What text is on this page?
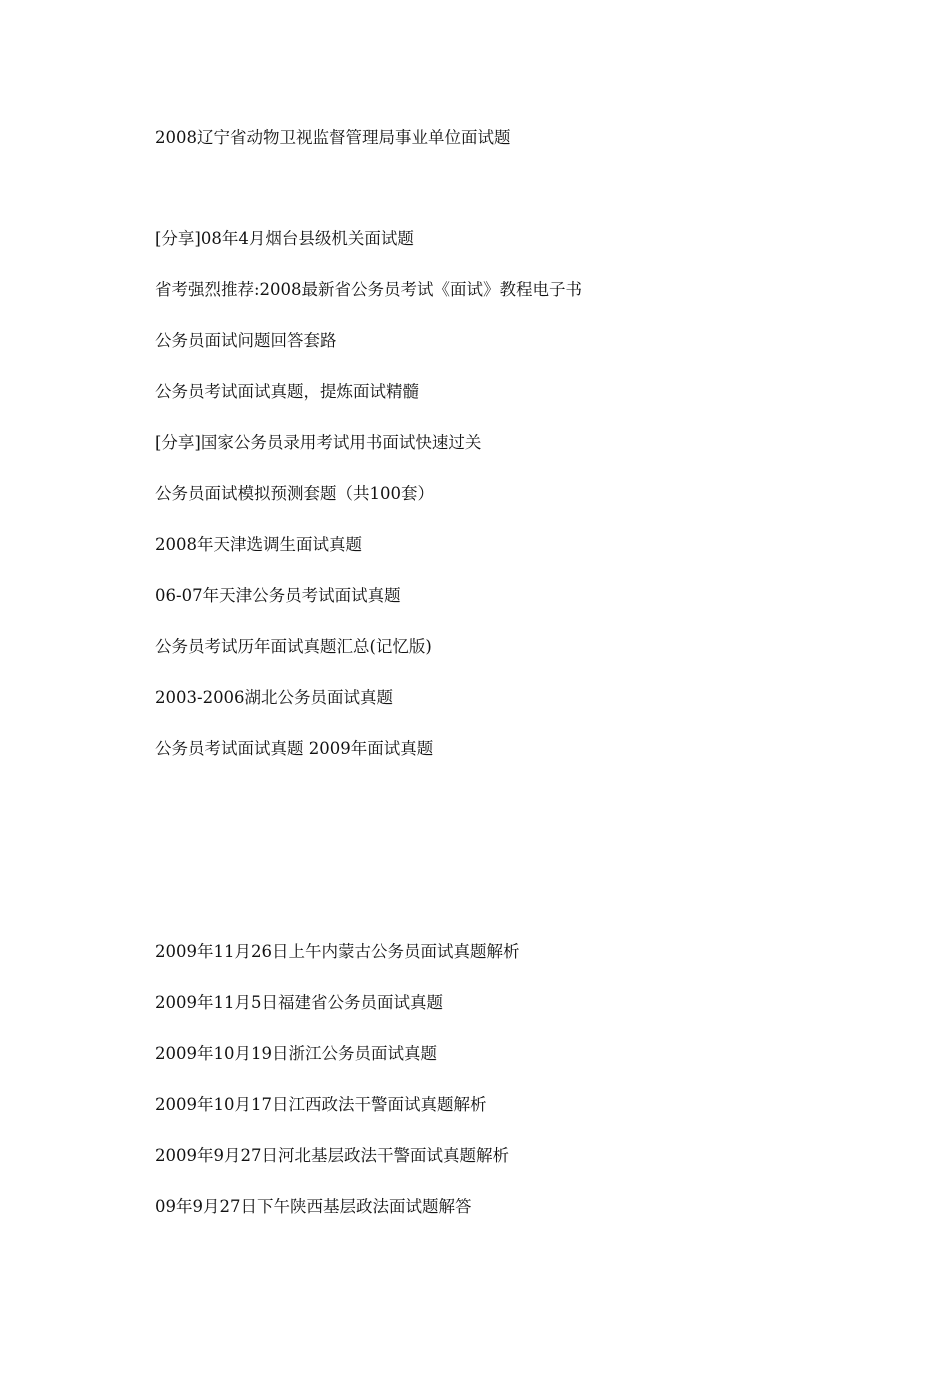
2008辽宁省动物卫视监督管理局事业单位面试题
[分享]08年4月烟台县级机关面试题
省考强烈推荐:2008最新省公务员考试《面试》教程电子书
公务员面试问题回答套路
公务员考试面试真题，提炼面试精髓
[分享]国家公务员录用考试用书面试快速过关
公务员面试模拟预测套题（共100套）
2008年天津选调生面试真题
06-07年天津公务员考试面试真题
公务员考试历年面试真题汇总(记忆版)
2003-2006湖北公务员面试真题
公务员考试面试真题 2009年面试真题
2009年11月26日上午内蒙古公务员面试真题解析
2009年11月5日福建省公务员面试真题
2009年10月19日浙江公务员面试真题
2009年10月17日江西政法干警面试真题解析
2009年9月27日河北基层政法干警面试真题解析
09年9月27日下午陕西基层政法面试题解答
